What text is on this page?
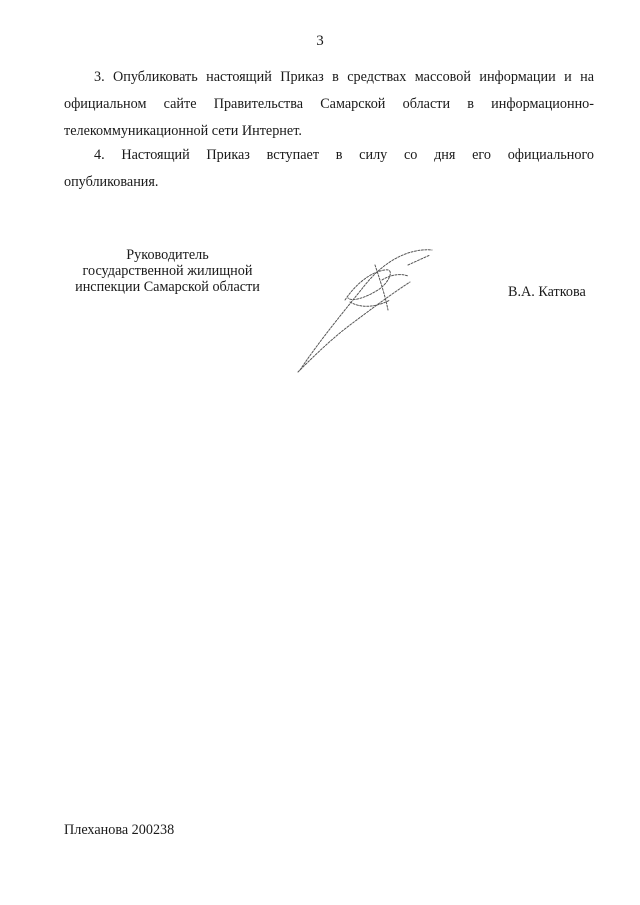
3
3. Опубликовать настоящий Приказ в средствах массовой информации и на
официальном сайте Правительства Самарской области в информационно-
телекоммуникационной сети Интернет.
4. Настоящий Приказ вступает в силу со дня его официального
опубликования.
Руководитель
государственной жилищной
инспекции Самарской области	В.А. Каткова
Плеханова 200238
